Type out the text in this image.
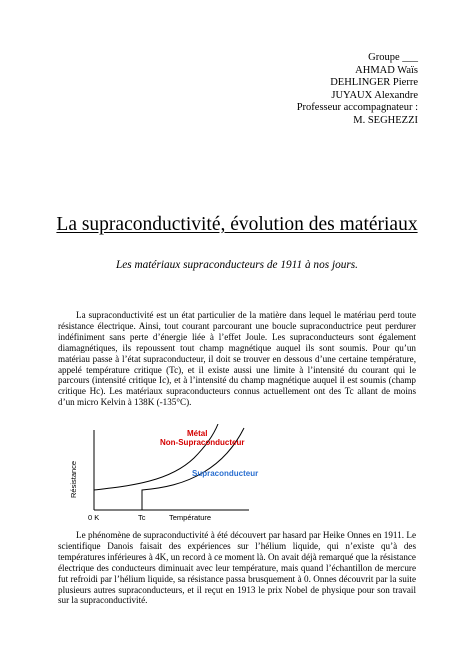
Groupe ___
AHMAD Waïs
DEHLINGER Pierre
JUYAUX Alexandre
Professeur accompagnateur :
M. SEGHEZZI
La supraconductivité, évolution des matériaux
Les matériaux supraconducteurs de 1911 à nos jours.

La supraconductivité est un état particulier de la matière dans lequel le matériau perd toute résistance électrique. Ainsi, tout courant parcourant une boucle supraconductrice peut perdurer indéfiniment sans perte d’énergie liée à l’effet Joule. Les supraconducteurs sont également diamagnétiques, ils repoussent tout champ magnétique auquel ils sont soumis. Pour qu’un matériau passe à l’état supraconducteur, il doit se trouver en dessous d’une certaine température, appelé température critique (Tc), et il existe aussi une limite à l’intensité du courant qui le parcours (intensité critique Ic), et à l’intensité du champ magnétique auquel il est soumis (champ critique Hc). Les matériaux supraconducteurs connus actuellement ont des Tc allant de moins d’un micro Kelvin à 138K (-135°C).

Résistance
0 K	Tc	Température
Métal
Non-Supraconducteur
Supraconducteur

Le phénomène de supraconductivité à été découvert par hasard par Heike Onnes en 1911. Le scientifique Danois faisait des expériences sur l’hélium liquide, qui n’existe qu’à des températures inférieures à 4K, un record à ce moment là. On avait déjà remarqué que la résistance électrique des conducteurs diminuait avec leur température, mais quand l’échantillon de mercure fut refroidi par l’hélium liquide, sa résistance passa brusquement à 0. Onnes découvrit par la suite plusieurs autres supraconducteurs, et il reçut en 1913 le prix Nobel de physique pour son travail sur la supraconductivité.
